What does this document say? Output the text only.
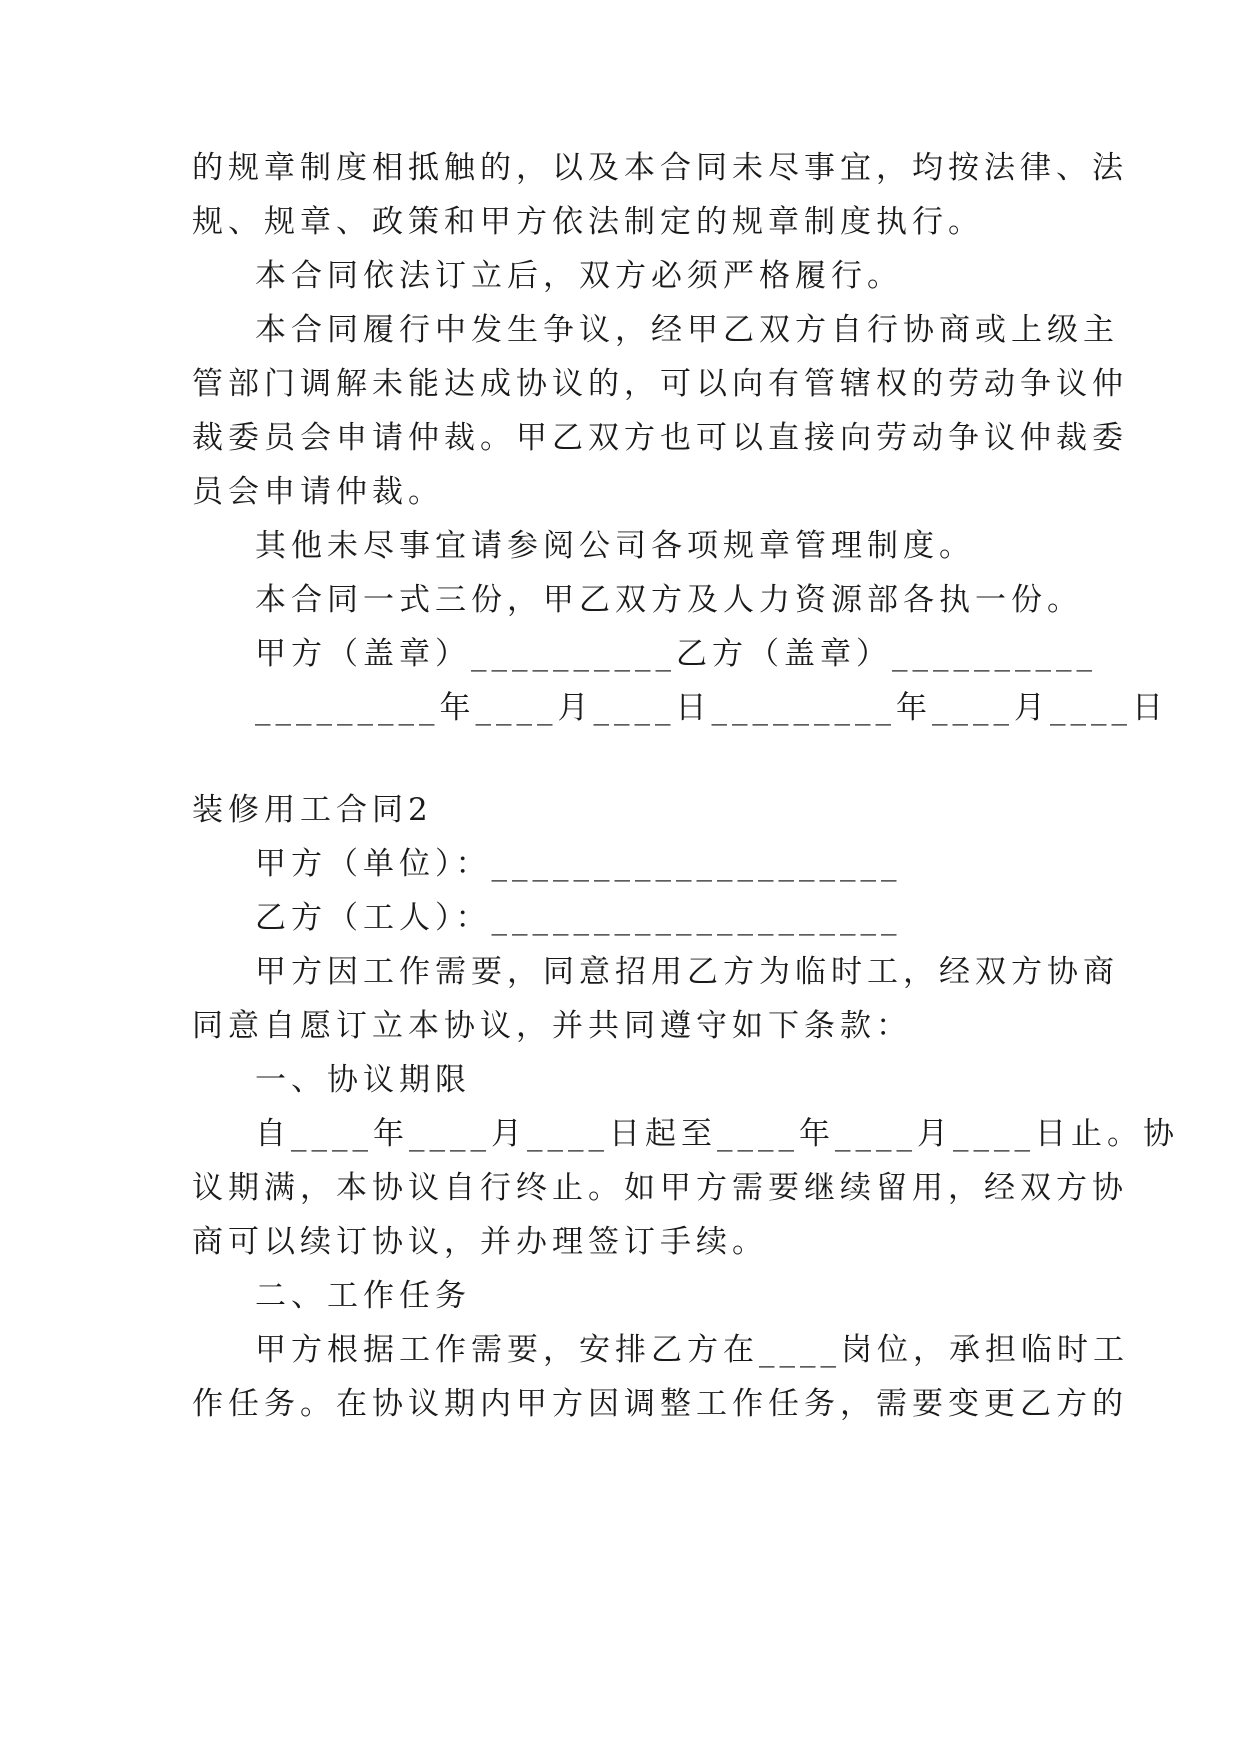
的规章制度相抵触的，以及本合同未尽事宜，均按法律、法
规、规章、政策和甲方依法制定的规章制度执行。
本合同依法订立后，双方必须严格履行。
本合同履行中发生争议，经甲乙双方自行协商或上级主
管部门调解未能达成协议的，可以向有管辖权的劳动争议仲
裁委员会申请仲裁。甲乙双方也可以直接向劳动争议仲裁委
员会申请仲裁。
其他未尽事宜请参阅公司各项规章管理制度。
本合同一式三份，甲乙双方及人力资源部各执一份。
甲方（盖章）__________乙方（盖章）__________
_________年____月____日_________年____月____日
装修用工合同2
甲方（单位）：____________________
乙方（工人）：____________________
甲方因工作需要，同意招用乙方为临时工，经双方协商
同意自愿订立本协议，并共同遵守如下条款：
一、协议期限
自____年____月____日起至____年____月____日止。协
议期满，本协议自行终止。如甲方需要继续留用，经双方协
商可以续订协议，并办理签订手续。
二、工作任务
甲方根据工作需要，安排乙方在____岗位，承担临时工
作任务。在协议期内甲方因调整工作任务，需要变更乙方的
